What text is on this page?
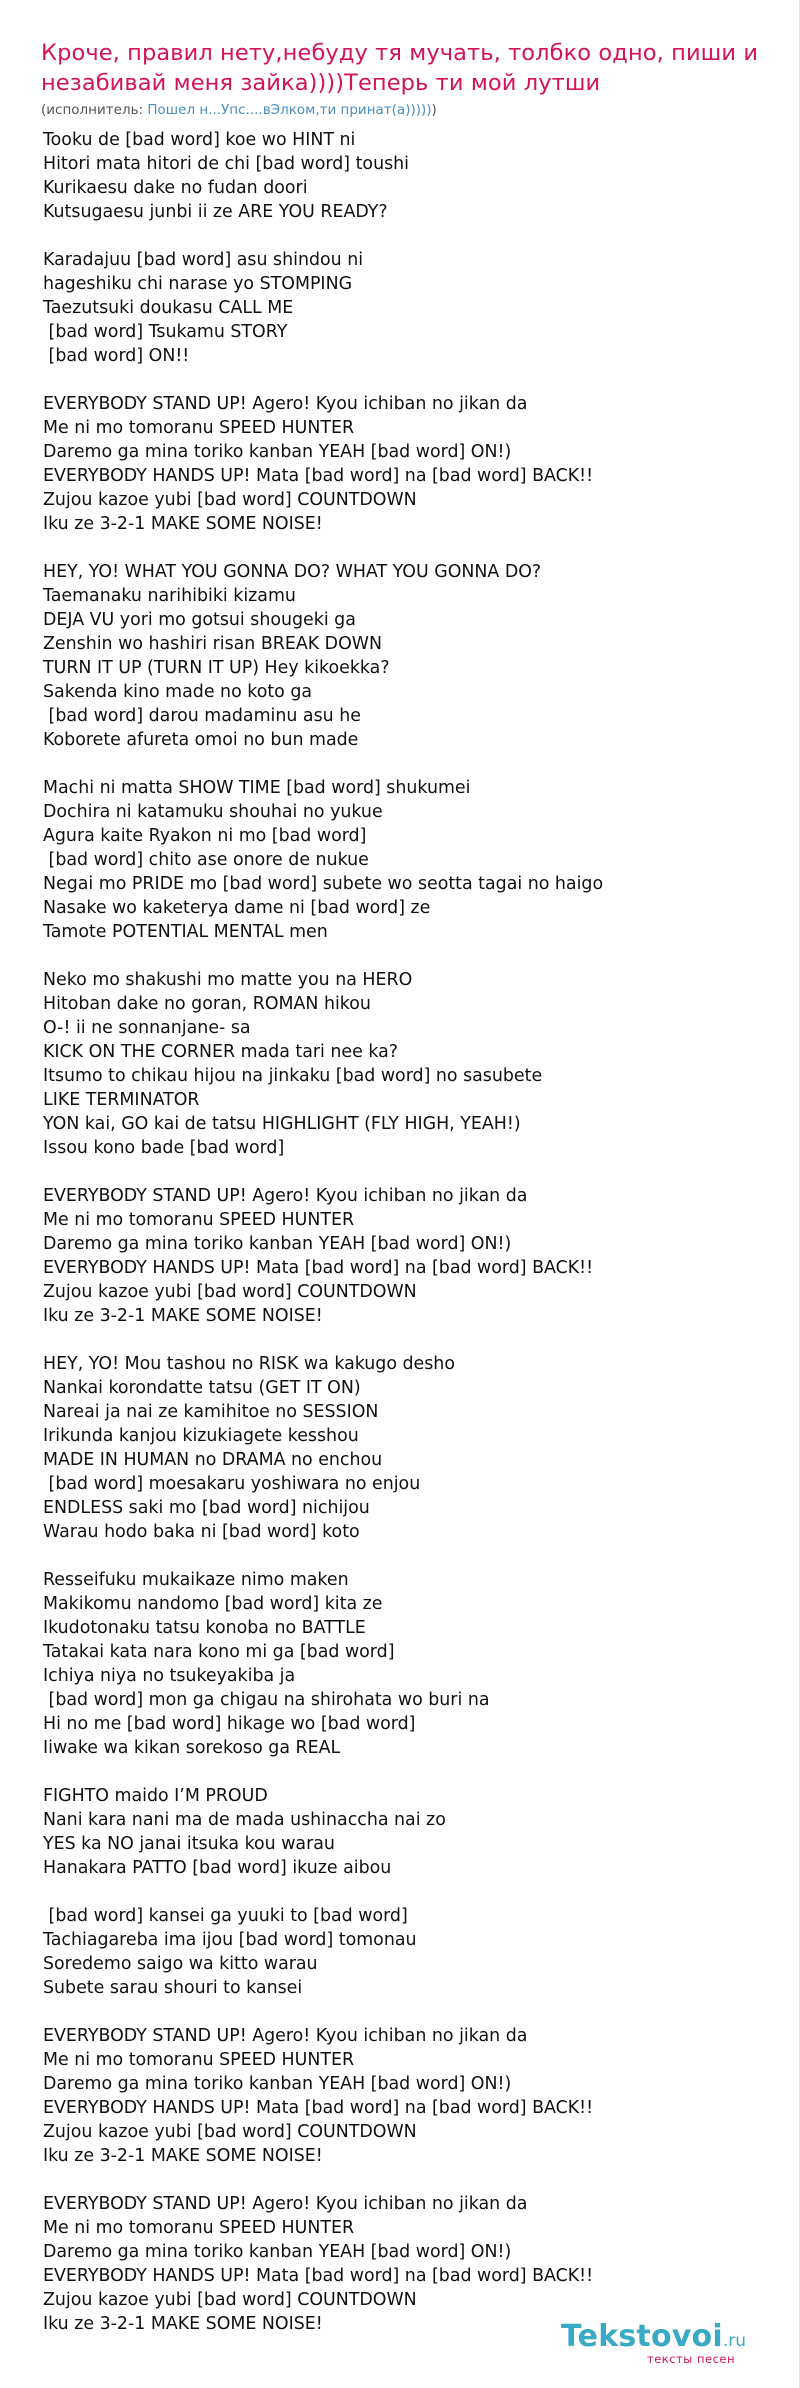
Кроче, правил нету,небуду тя мучать, толбко одно, пиши и незабивай меня зайка))))Теперь ти мой лутши
(исполнитель: Пошел н...Упс....вЭлком,ти принат(а))))))
Tooku de [bad word] koe wo HINT ni
Hitori mata hitori de chi [bad word] toushi
Kurikaesu dake no fudan doori
Kutsugaesu junbi ii ze ARE YOU READY?
Karadajuu [bad word] asu shindou ni
hageshiku chi narase yo STOMPING
Taezutsuki doukasu CALL ME
[bad word] Tsukamu STORY
[bad word] ON!!
EVERYBODY STAND UP! Agero! Kyou ichiban no jikan da
Me ni mo tomoranu SPEED HUNTER
Daremo ga mina toriko kanban YEAH [bad word] ON!)
EVERYBODY HANDS UP! Mata [bad word] na [bad word] BACK!!
Zujou kazoe yubi [bad word] COUNTDOWN
Iku ze 3-2-1 MAKE SOME NOISE!
HEY, YO! WHAT YOU GONNA DO? WHAT YOU GONNA DO?
Taemanaku narihibiki kizamu
DEJA VU yori mo gotsui shougeki ga
Zenshin wo hashiri risan BREAK DOWN
TURN IT UP (TURN IT UP) Hey kikoekka?
Sakenda kino made no koto ga
[bad word] darou madaminu asu he
Koborete afureta omoi no bun made
Machi ni matta SHOW TIME [bad word] shukumei
Dochira ni katamuku shouhai no yukue
Agura kaite Ryakon ni mo [bad word]
[bad word] chito ase onore de nukue
Negai mo PRIDE mo [bad word] subete wo seotta tagai no haigo
Nasake wo kaketerya dame ni [bad word] ze
Tamote POTENTIAL MENTAL men
Neko mo shakushi mo matte you na HERO
Hitoban dake no goran, ROMAN hikou
O-! ii ne sonnanjane- sa
KICK ON THE CORNER mada tari nee ka?
Itsumo to chikau hijou na jinkaku [bad word] no sasubete
LIKE TERMINATOR
YON kai, GO kai de tatsu HIGHLIGHT (FLY HIGH, YEAH!)
Issou kono bade [bad word]
EVERYBODY STAND UP! Agero! Kyou ichiban no jikan da
Me ni mo tomoranu SPEED HUNTER
Daremo ga mina toriko kanban YEAH [bad word] ON!)
EVERYBODY HANDS UP! Mata [bad word] na [bad word] BACK!!
Zujou kazoe yubi [bad word] COUNTDOWN
Iku ze 3-2-1 MAKE SOME NOISE!
HEY, YO! Mou tashou no RISK wa kakugo desho
Nankai korondatte tatsu (GET IT ON)
Nareai ja nai ze kamihitoe no SESSION
Irikunda kanjou kizukiagete kesshou
MADE IN HUMAN no DRAMA no enchou
[bad word] moesakaru yoshiwara no enjou
ENDLESS saki mo [bad word] nichijou
Warau hodo baka ni [bad word] koto
Resseifuku mukaikaze nimo maken
Makikomu nandomo [bad word] kita ze
Ikudotonaku tatsu konoba no BATTLE
Tatakai kata nara kono mi ga [bad word]
Ichiya niya no tsukeyakiba ja
[bad word] mon ga chigau na shirohata wo buri na
Hi no me [bad word] hikage wo [bad word]
Iiwake wa kikan sorekoso ga REAL
FIGHTO maido I’M PROUD
Nani kara nani ma de mada ushinaccha nai zo
YES ka NO janai itsuka kou warau
Hanakara PATTO [bad word] ikuze aibou
[bad word] kansei ga yuuki to [bad word]
Tachiagareba ima ijou [bad word] tomonau
Soredemo saigo wa kitto warau
Subete sarau shouri to kansei
EVERYBODY STAND UP! Agero! Kyou ichiban no jikan da
Me ni mo tomoranu SPEED HUNTER
Daremo ga mina toriko kanban YEAH [bad word] ON!)
EVERYBODY HANDS UP! Mata [bad word] na [bad word] BACK!!
Zujou kazoe yubi [bad word] COUNTDOWN
Iku ze 3-2-1 MAKE SOME NOISE!
EVERYBODY STAND UP! Agero! Kyou ichiban no jikan da
Me ni mo tomoranu SPEED HUNTER
Daremo ga mina toriko kanban YEAH [bad word] ON!)
EVERYBODY HANDS UP! Mata [bad word] na [bad word] BACK!!
Zujou kazoe yubi [bad word] COUNTDOWN
Iku ze 3-2-1 MAKE SOME NOISE!	Tekstovoi.ru
тексты песен
